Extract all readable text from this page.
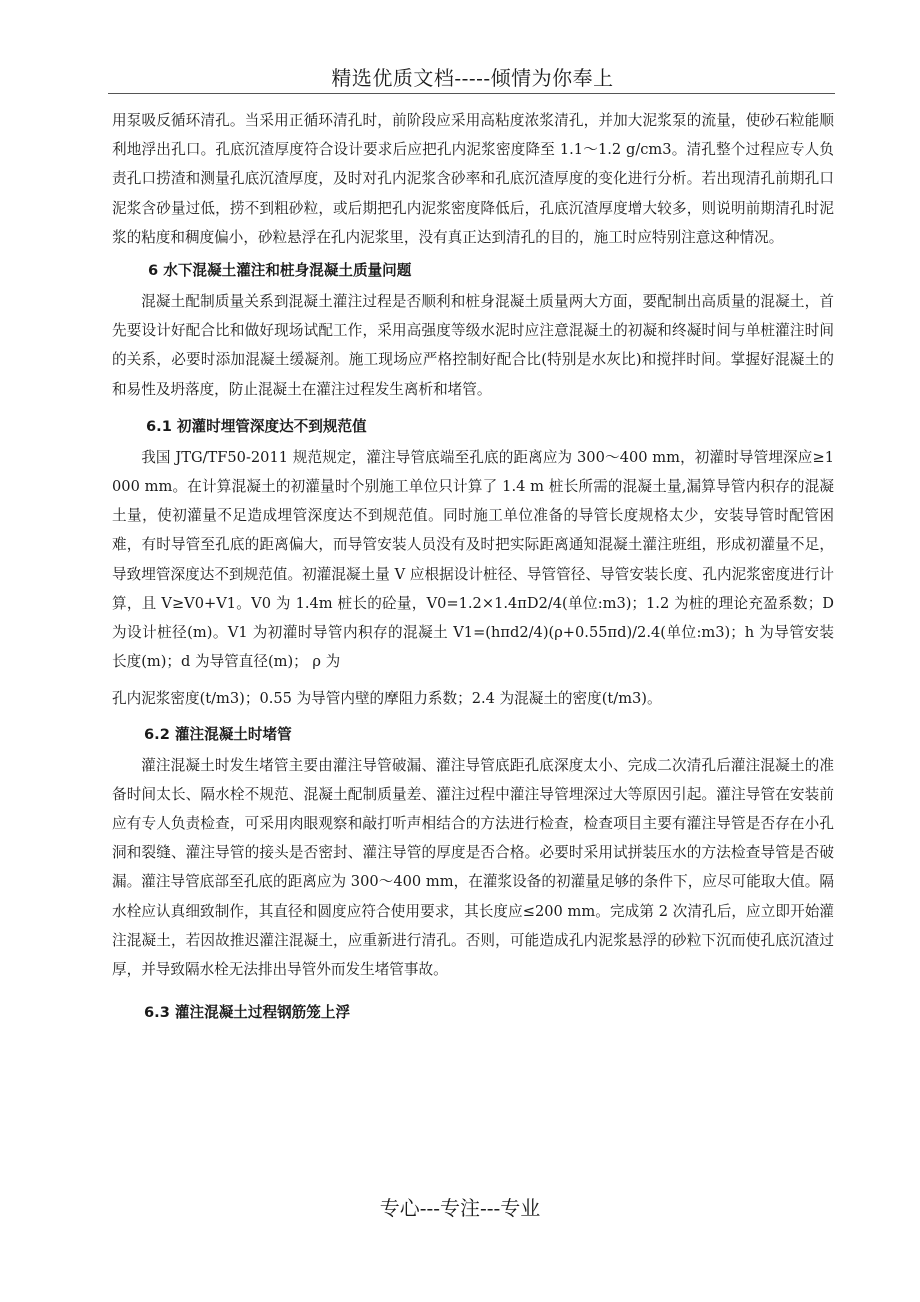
精选优质文档-----倾情为你奉上

用泵吸反循环清孔。当采用正循环清孔时，前阶段应采用高粘度浓浆清孔，并加大泥浆泵的流量，使砂石粒能顺利地浮出孔口。孔底沉渣厚度符合设计要求后应把孔内泥浆密度降至 1.1～1.2 g/cm3。清孔整个过程应专人负责孔口捞渣和测量孔底沉渣厚度，及时对孔内泥浆含砂率和孔底沉渣厚度的变化进行分析。若出现清孔前期孔口泥浆含砂量过低，捞不到粗砂粒，或后期把孔内泥浆密度降低后，孔底沉渣厚度增大较多，则说明前期清孔时泥浆的粘度和稠度偏小，砂粒悬浮在孔内泥浆里，没有真正达到清孔的目的，施工时应特别注意这种情况。

6 水下混凝土灌注和桩身混凝土质量问题

混凝土配制质量关系到混凝土灌注过程是否顺利和桩身混凝土质量两大方面，要配制出高质量的混凝土，首先要设计好配合比和做好现场试配工作，采用高强度等级水泥时应注意混凝土的初凝和终凝时间与单桩灌注时间的关系，必要时添加混凝土缓凝剂。施工现场应严格控制好配合比(特别是水灰比)和搅拌时间。掌握好混凝土的和易性及坍落度，防止混凝土在灌注过程发生离析和堵管。

6.1 初灌时埋管深度达不到规范值

我国 JTG/TF50-2011 规范规定，灌注导管底端至孔底的距离应为 300～400 mm，初灌时导管埋深应≥1000 mm。在计算混凝土的初灌量时个别施工单位只计算了 1.4 m 桩长所需的混凝土量,漏算导管内积存的混凝土量，使初灌量不足造成埋管深度达不到规范值。同时施工单位准备的导管长度规格太少，安装导管时配管困难，有时导管至孔底的距离偏大，而导管安装人员没有及时把实际距离通知混凝土灌注班组，形成初灌量不足，导致埋管深度达不到规范值。初灌混凝土量 V 应根据设计桩径、导管管径、导管安装长度、孔内泥浆密度进行计算，且 V≥V0+V1。V0 为 1.4m 桩长的砼量，V0=1.2×1.4πD2/4(单位:m3)；1.2 为桩的理论充盈系数；D 为设计桩径(m)。V1 为初灌时导管内积存的混凝土 V1=(hπd2/4)(ρ+0.55πd)/2.4(单位:m3)；h 为导管安装长度(m)；d 为导管直径(m)； ρ 为

孔内泥浆密度(t/m3)；0.55 为导管内壁的摩阻力系数；2.4 为混凝土的密度(t/m3)。

6.2 灌注混凝土时堵管

灌注混凝土时发生堵管主要由灌注导管破漏、灌注导管底距孔底深度太小、完成二次清孔后灌注混凝土的准备时间太长、隔水栓不规范、混凝土配制质量差、灌注过程中灌注导管埋深过大等原因引起。灌注导管在安装前应有专人负责检查，可采用肉眼观察和敲打听声相结合的方法进行检查，检查项目主要有灌注导管是否存在小孔洞和裂缝、灌注导管的接头是否密封、灌注导管的厚度是否合格。必要时采用试拼装压水的方法检查导管是否破漏。灌注导管底部至孔底的距离应为 300～400 mm，在灌浆设备的初灌量足够的条件下，应尽可能取大值。隔水栓应认真细致制作，其直径和圆度应符合使用要求，其长度应≤200 mm。完成第 2 次清孔后，应立即开始灌注混凝土，若因故推迟灌注混凝土，应重新进行清孔。否则，可能造成孔内泥浆悬浮的砂粒下沉而使孔底沉渣过厚，并导致隔水栓无法排出导管外而发生堵管事故。

6.3 灌注混凝土过程钢筋笼上浮
专心---专注---专业
